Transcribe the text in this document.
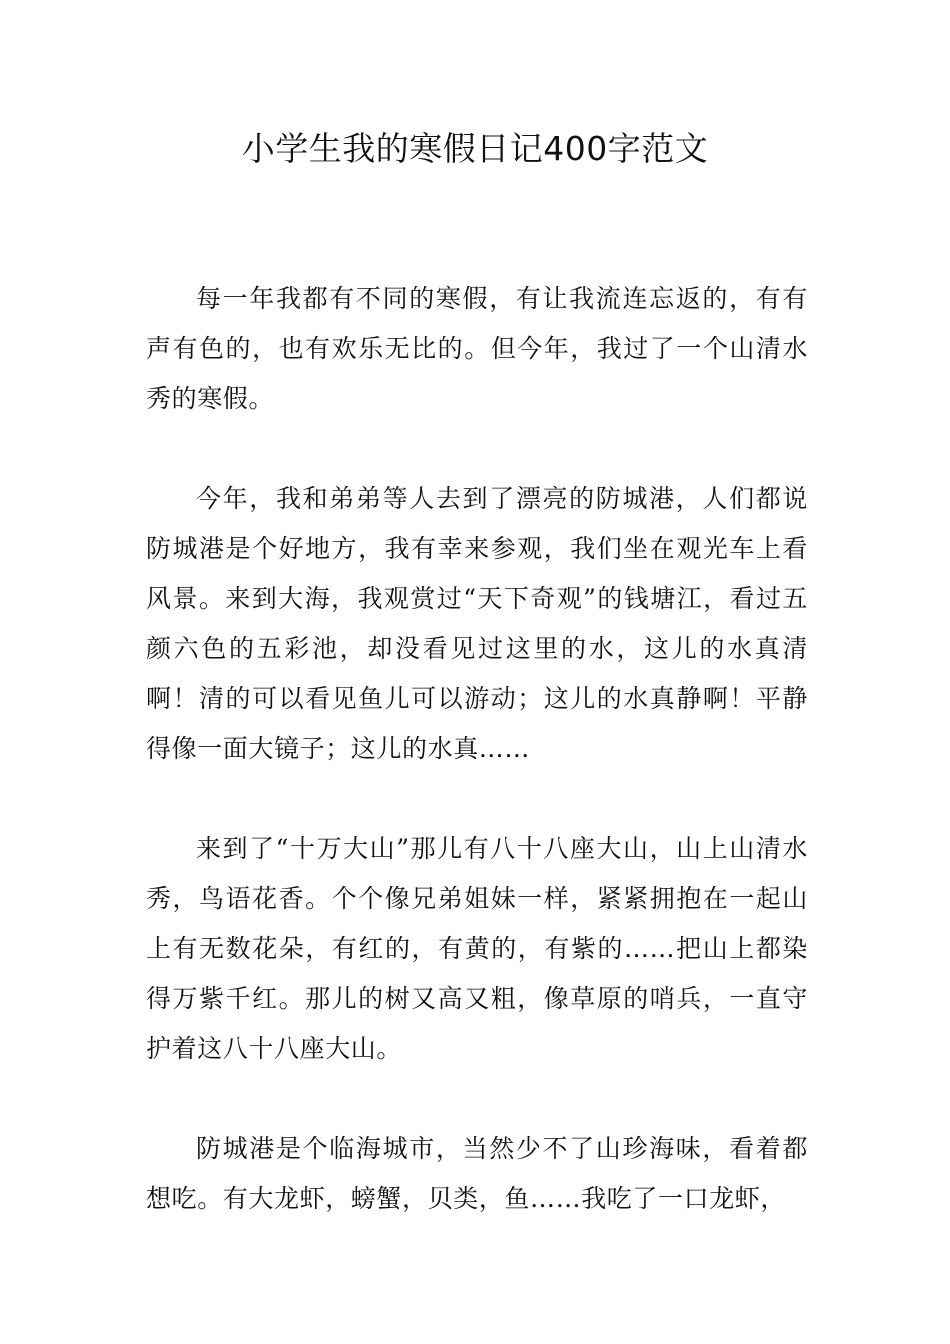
小学生我的寒假日记400字范文

每一年我都有不同的寒假，有让我流连忘返的，有有声有色的，也有欢乐无比的。但今年，我过了一个山清水秀的寒假。

今年，我和弟弟等人去到了漂亮的防城港，人们都说防城港是个好地方，我有幸来参观，我们坐在观光车上看风景。来到大海，我观赏过“天下奇观”的钱塘江，看过五颜六色的五彩池，却没看见过这里的水，这儿的水真清啊！清的可以看见鱼儿可以游动；这儿的水真静啊！平静得像一面大镜子；这儿的水真……

来到了“十万大山”那儿有八十八座大山，山上山清水秀，鸟语花香。个个像兄弟姐妹一样，紧紧拥抱在一起山上有无数花朵，有红的，有黄的，有紫的……把山上都染得万紫千红。那儿的树又高又粗，像草原的哨兵，一直守护着这八十八座大山。

防城港是个临海城市，当然少不了山珍海味，看着都想吃。有大龙虾，螃蟹，贝类，鱼……我吃了一口龙虾，
